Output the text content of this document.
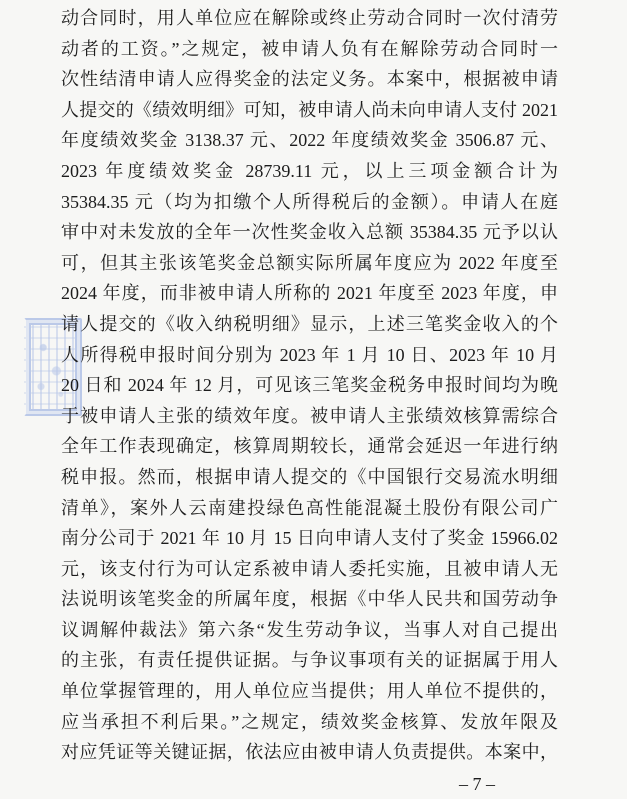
动合同时，用人单位应在解除或终止劳动合同时一次付清劳
动者的工资。”之规定，被申请人负有在解除劳动合同时一
次性结清申请人应得奖金的法定义务。本案中，根据被申请
人提交的《绩效明细》可知，被申请人尚未向申请人支付 2021
年度绩效奖金 3138.37 元、2022 年度绩效奖金 3506.87 元、
2023 年度绩效奖金 28739.11 元，以上三项金额合计为
35384.35 元（均为扣缴个人所得税后的金额）。申请人在庭
审中对未发放的全年一次性奖金收入总额 35384.35 元予以认
可，但其主张该笔奖金总额实际所属年度应为 2022 年度至
2024 年度，而非被申请人所称的 2021 年度至 2023 年度，申
请人提交的《收入纳税明细》显示，上述三笔奖金收入的个
人所得税申报时间分别为 2023 年 1 月 10 日、2023 年 10 月
20 日和 2024 年 12 月，可见该三笔奖金税务申报时间均为晚
于被申请人主张的绩效年度。被申请人主张绩效核算需综合
全年工作表现确定，核算周期较长，通常会延迟一年进行纳
税申报。然而，根据申请人提交的《中国银行交易流水明细
清单》，案外人云南建投绿色高性能混凝土股份有限公司广
南分公司于 2021 年 10 月 15 日向申请人支付了奖金 15966.02
元，该支付行为可认定系被申请人委托实施，且被申请人无
法说明该笔奖金的所属年度，根据《中华人民共和国劳动争
议调解仲裁法》第六条“发生劳动争议，当事人对自己提出
的主张，有责任提供证据。与争议事项有关的证据属于用人
单位掌握管理的，用人单位应当提供；用人单位不提供的，
应当承担不利后果。”之规定，绩效奖金核算、发放年限及
对应凭证等关键证据，依法应由被申请人负责提供。本案中，
– 7 –
